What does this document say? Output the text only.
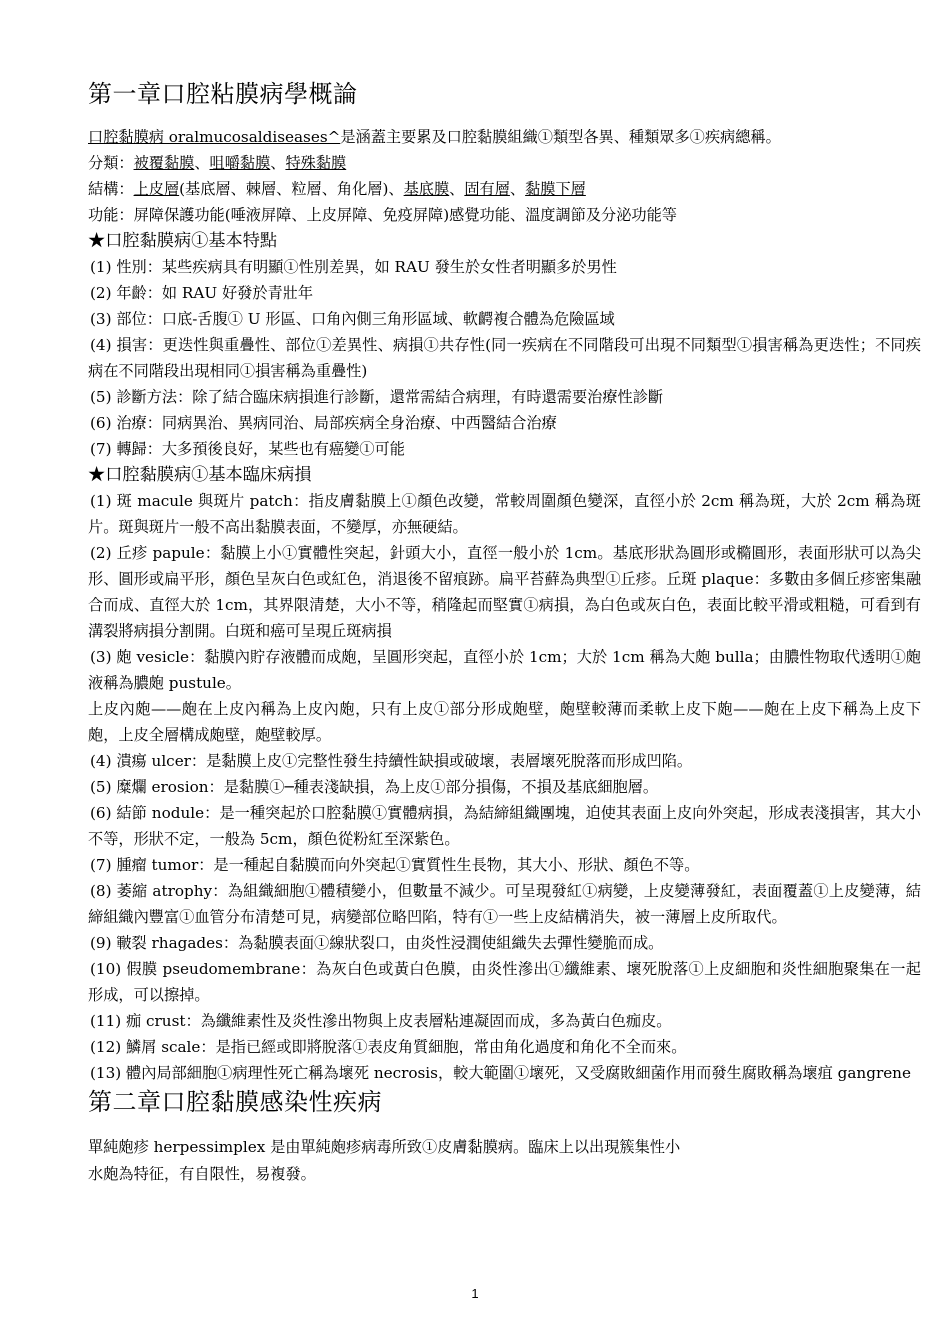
第一章口腔粘膜病學概論

口腔黏膜病 oralmucosaldiseases^是涵蓋主要累及口腔黏膜組織①類型各異、種類眾多①疾病總稱。

分類：被覆黏膜、咀嚼黏膜、特殊黏膜

結構：上皮層(基底層、棘層、粒層、角化層)、基底膜、固有層、黏膜下層

功能：屏障保護功能(唾液屏障、上皮屏障、免疫屏障)感覺功能、溫度調節及分泌功能等

★口腔黏膜病①基本特點

(1) 性別：某些疾病具有明顯①性別差異，如 RAU 發生於女性者明顯多於男性

(2) 年齡：如 RAU 好發於青壯年

(3) 部位：口底-舌腹① U 形區、口角內側三角形區域、軟齶複合體為危險區域

(4) 損害：更迭性與重疊性、部位①差異性、病損①共存性(同一疾病在不同階段可出現不同類型①損害稱為更迭性；不同疾病在不同階段出現相同①損害稱為重疊性)

(5) 診斷方法：除了結合臨床病損進行診斷，還常需結合病理，有時還需要治療性診斷

(6) 治療：同病異治、異病同治、局部疾病全身治療、中西醫結合治療

(7) 轉歸：大多預後良好，某些也有癌變①可能

★口腔黏膜病①基本臨床病損

(1) 斑 macule 與斑片 patch：指皮膚黏膜上①顏色改變，常較周圍顏色變深，直徑小於 2cm 稱為斑，大於 2cm 稱為斑片。斑與斑片一般不高出黏膜表面，不變厚，亦無硬結。

(2) 丘疹 papule：黏膜上小①實體性突起，針頭大小，直徑一般小於 1cm。基底形狀為圓形或橢圓形，表面形狀可以為尖形、圓形或扁平形，顏色呈灰白色或紅色，消退後不留痕跡。扁平苔蘚為典型①丘疹。丘斑 plaque：多數由多個丘疹密集融合而成、直徑大於 1cm，其界限清楚，大小不等，稍隆起而堅實①病損，為白色或灰白色，表面比較平滑或粗糙，可看到有溝裂將病損分割開。白斑和癌可呈現丘斑病損

(3) 皰 vesicle：黏膜內貯存液體而成皰，呈圓形突起，直徑小於 1cm；大於 1cm 稱為大皰 bulla；由膿性物取代透明①皰液稱為膿皰 pustule。

上皮內皰——皰在上皮內稱為上皮內皰，只有上皮①部分形成皰壁，皰壁較薄而柔軟上皮下皰——皰在上皮下稱為上皮下皰，上皮全層構成皰壁，皰壁較厚。

(4) 潰瘍 ulcer：是黏膜上皮①完整性發生持續性缺損或破壞，表層壞死脫落而形成凹陷。

(5) 糜爛 erosion：是黏膜①─種表淺缺損，為上皮①部分損傷，不損及基底細胞層。

(6) 結節 nodule：是一種突起於口腔黏膜①實體病損，為結締組織團塊，迫使其表面上皮向外突起，形成表淺損害，其大小不等，形狀不定，一般為 5cm，顏色從粉紅至深紫色。

(7) 腫瘤 tumor：是一種起自黏膜而向外突起①實質性生長物，其大小、形狀、顏色不等。

(8) 萎縮 atrophy：為組織細胞①體積變小，但數量不減少。可呈現發紅①病變，上皮變薄發紅，表面覆蓋①上皮變薄，結締組織內豐富①血管分布清楚可見，病變部位略凹陷，特有①一些上皮結構消失，被一薄層上皮所取代。

(9) 皸裂 rhagades：為黏膜表面①線狀裂口，由炎性浸潤使組織失去彈性變脆而成。

(10) 假膜 pseudomembrane：為灰白色或黃白色膜，由炎性滲出①纖維素、壞死脫落①上皮細胞和炎性細胞聚集在一起形成，可以擦掉。

(11) 痂 crust：為纖維素性及炎性滲出物與上皮表層粘連凝固而成，多為黃白色痂皮。

(12) 鱗屑 scale：是指已經或即將脫落①表皮角質細胞，常由角化過度和角化不全而來。

(13) 體內局部細胞①病理性死亡稱為壞死 necrosis，較大範圍①壞死，又受腐敗細菌作用而發生腐敗稱為壞疽 gangrene

第二章口腔黏膜感染性疾病

單純皰疹 herpessimplex 是由單純皰疹病毒所致①皮膚黏膜病。臨床上以出現簇集性小

水皰為特征，有自限性，易複發。

1
